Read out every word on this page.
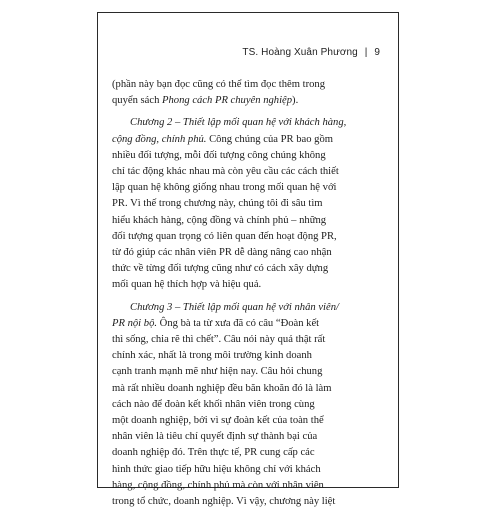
TS. Hoàng Xuân Phương | 9
(phần này bạn đọc cũng có thể tìm đọc thêm trong
quyển sách Phong cách PR chuyên nghiệp).
Chương 2 – Thiết lập mối quan hệ với khách hàng,
cộng đồng, chính phủ. Công chúng của PR bao gồm
nhiều đối tượng, mỗi đối tượng công chúng không
chỉ tác động khác nhau mà còn yêu cầu các cách thiết
lập quan hệ không giống nhau trong mối quan hệ với
PR. Vì thế trong chương này, chúng tôi đi sâu tìm
hiểu khách hàng, cộng đồng và chính phủ – những
đối tượng quan trọng có liên quan đến hoạt động PR,
từ đó giúp các nhân viên PR dễ dàng nâng cao nhận
thức về từng đối tượng cũng như có cách xây dựng
mối quan hệ thích hợp và hiệu quả.
Chương 3 – Thiết lập mối quan hệ với nhân viên/
PR nội bộ. Ông bà ta từ xưa đã có câu “Đoàn kết
thì sống, chia rẽ thì chết”. Câu nói này quả thật rất
chính xác, nhất là trong môi trường kinh doanh
cạnh tranh mạnh mẽ như hiện nay. Câu hỏi chung
mà rất nhiều doanh nghiệp đều băn khoăn đó là làm
cách nào để đoàn kết khối nhân viên trong cùng
một doanh nghiệp, bởi vì sự đoàn kết của toàn thể
nhân viên là tiêu chí quyết định sự thành bại của
doanh nghiệp đó. Trên thực tế, PR cung cấp các
hình thức giao tiếp hữu hiệu không chỉ với khách
hàng, cộng đồng, chính phủ mà còn với nhân viên
trong tổ chức, doanh nghiệp. Vì vậy, chương này liệt
